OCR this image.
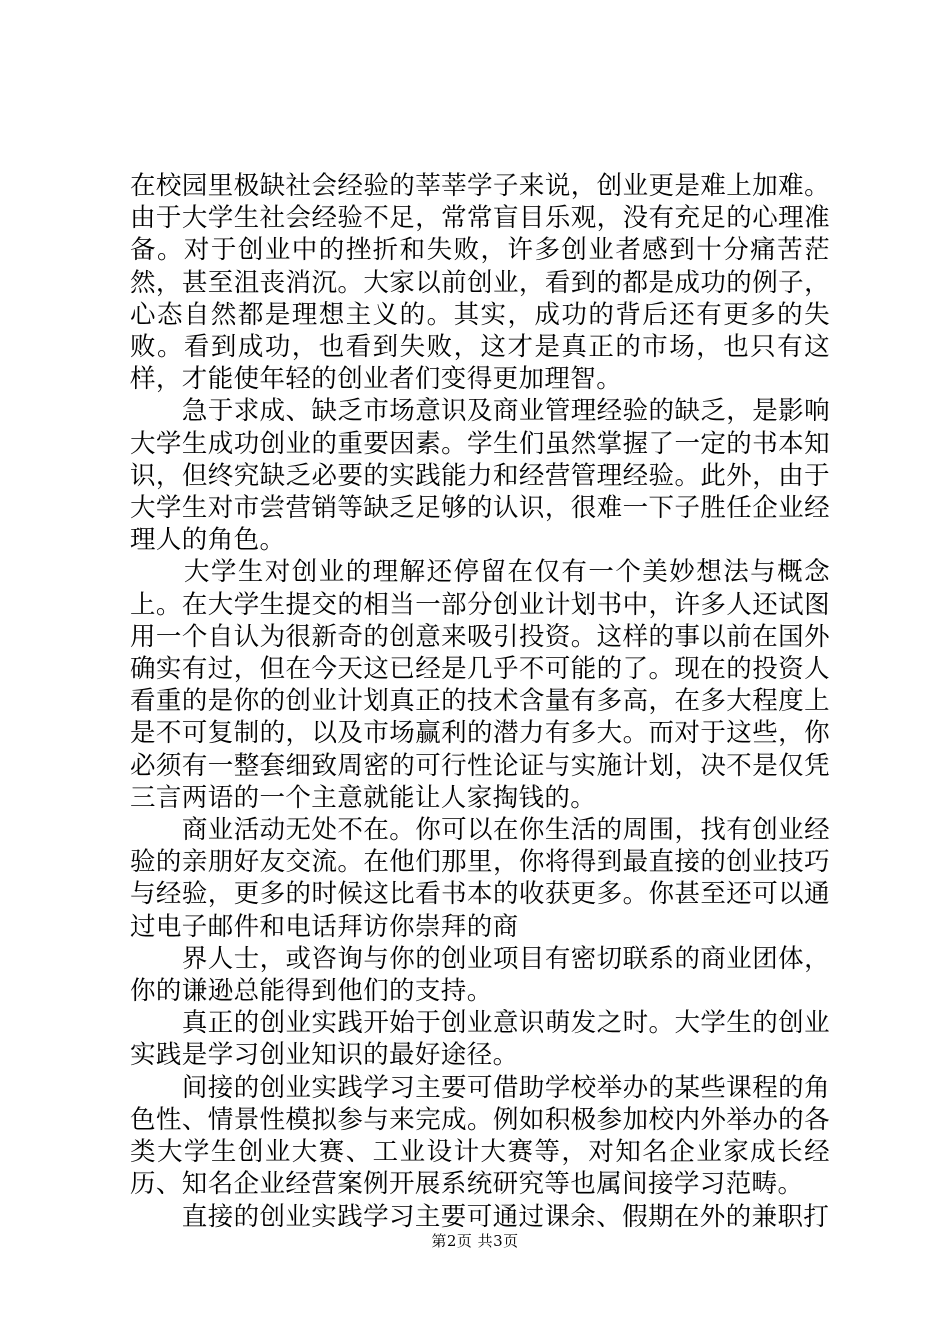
在校园里极缺社会经验的莘莘学子来说，创业更是难上加难。由于大学生社会经验不足，常常盲目乐观，没有充足的心理准备。对于创业中的挫折和失败，许多创业者感到十分痛苦茫然，甚至沮丧消沉。大家以前创业，看到的都是成功的例子，心态自然都是理想主义的。其实，成功的背后还有更多的失败。看到成功，也看到失败，这才是真正的市场，也只有这样，才能使年轻的创业者们变得更加理智。

　　急于求成、缺乏市场意识及商业管理经验的缺乏，是影响大学生成功创业的重要因素。学生们虽然掌握了一定的书本知识，但终究缺乏必要的实践能力和经营管理经验。此外，由于大学生对市尝营销等缺乏足够的认识，很难一下子胜任企业经理人的角色。

　　大学生对创业的理解还停留在仅有一个美妙想法与概念上。在大学生提交的相当一部分创业计划书中，许多人还试图用一个自认为很新奇的创意来吸引投资。这样的事以前在国外确实有过，但在今天这已经是几乎不可能的了。现在的投资人看重的是你的创业计划真正的技术含量有多高，在多大程度上是不可复制的，以及市场赢利的潜力有多大。而对于这些，你必须有一整套细致周密的可行性论证与实施计划，决不是仅凭三言两语的一个主意就能让人家掏钱的。

　　商业活动无处不在。你可以在你生活的周围，找有创业经验的亲朋好友交流。在他们那里，你将得到最直接的创业技巧与经验，更多的时候这比看书本的收获更多。你甚至还可以通过电子邮件和电话拜访你崇拜的商

　　界人士，或咨询与你的创业项目有密切联系的商业团体，你的谦逊总能得到他们的支持。

　　真正的创业实践开始于创业意识萌发之时。大学生的创业实践是学习创业知识的最好途径。

　　间接的创业实践学习主要可借助学校举办的某些课程的角色性、情景性模拟参与来完成。例如积极参加校内外举办的各类大学生创业大赛、工业设计大赛等，对知名企业家成长经历、知名企业经营案例开展系统研究等也属间接学习范畴。

　　直接的创业实践学习主要可通过课余、假期在外的兼职打

第2页 共3页
